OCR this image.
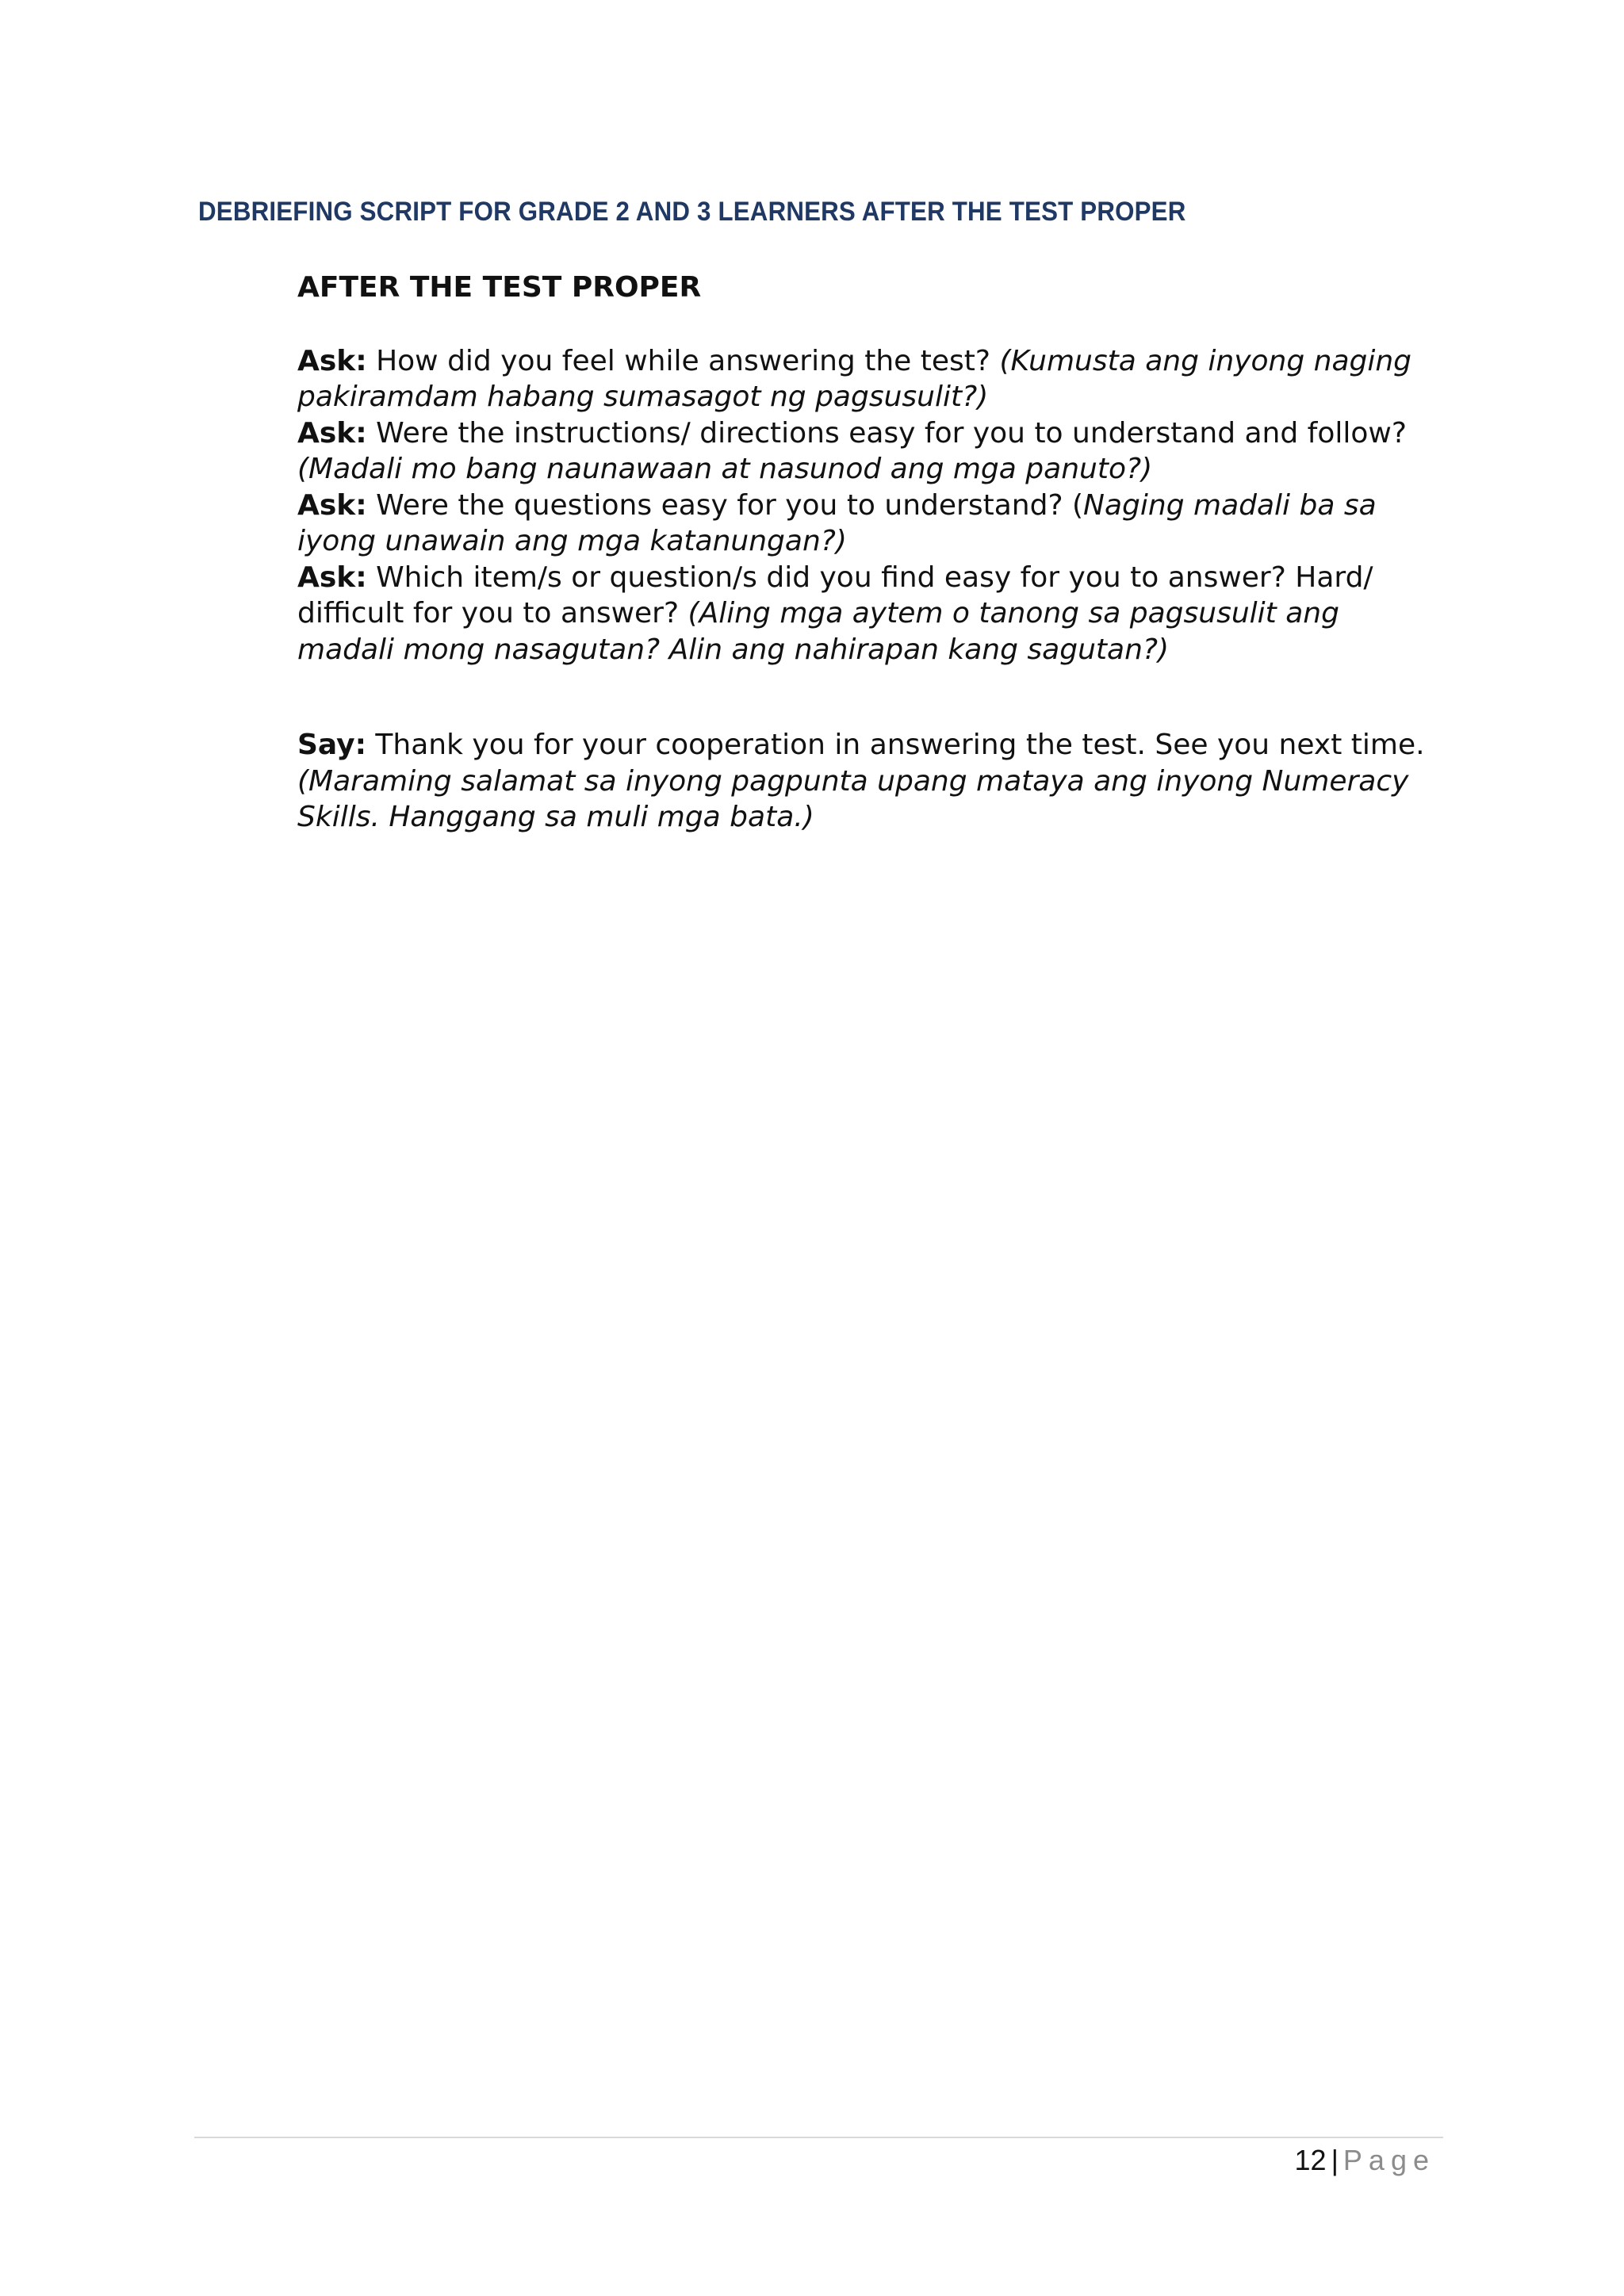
DEBRIEFING SCRIPT FOR GRADE 2 AND 3 LEARNERS AFTER THE TEST PROPER
AFTER THE TEST PROPER

Ask: How did you feel while answering the test? (Kumusta ang inyong naging pakiramdam habang sumasagot ng pagsusulit?)

Ask: Were the instructions/ directions easy for you to understand and follow? (Madali mo bang naunawaan at nasunod ang mga panuto?)

Ask: Were the questions easy for you to understand? (Naging madali ba sa iyong unawain ang mga katanungan?)

Ask: Which item/s or question/s did you find easy for you to answer? Hard/ difficult for you to answer? (Aling mga aytem o tanong sa pagsusulit ang madali mong nasagutan? Alin ang nahirapan kang sagutan?)

Say: Thank you for your cooperation in answering the test. See you next time.
(Maraming salamat sa inyong pagpunta upang mataya ang inyong Numeracy Skills. Hanggang sa muli mga bata.)

12 | Page
